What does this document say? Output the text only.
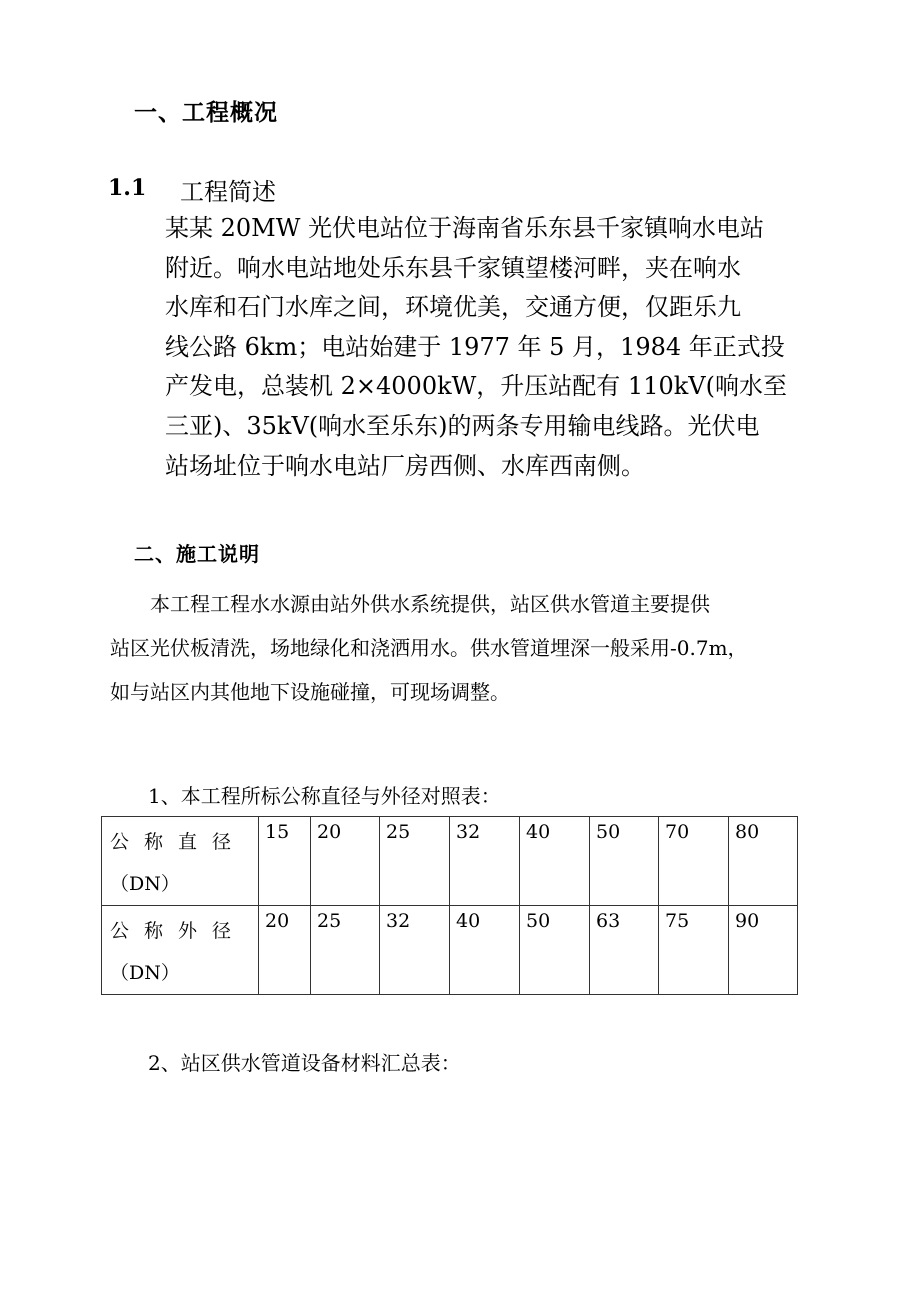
一、工程概况
1.1 工程简述
某某 20MW 光伏电站位于海南省乐东县千家镇响水电站
附近。响水电站地处乐东县千家镇望楼河畔，夹在响水
水库和石门水库之间，环境优美，交通方便，仅距乐九
线公路 6km；电站始建于 1977 年 5 月，1984 年正式投
产发电，总装机 2×4000kW，升压站配有 110kV(响水至
三亚)、35kV(响水至乐东)的两条专用输电线路。光伏电
站场址位于响水电站厂房西侧、水库西南侧。
二、施工说明
　　本工程工程水水源由站外供水系统提供，站区供水管道主要提供
站区光伏板清洗，场地绿化和浇洒用水。供水管道埋深一般采用-0.7m，
如与站区内其他地下设施碰撞，可现场调整。
1、本工程所标公称直径与外径对照表：
公称直径
（DN）	15	20	25	32	40	50	70	80

公称外径
（DN）	20	25	32	40	50	63	75	90
2、站区供水管道设备材料汇总表：
